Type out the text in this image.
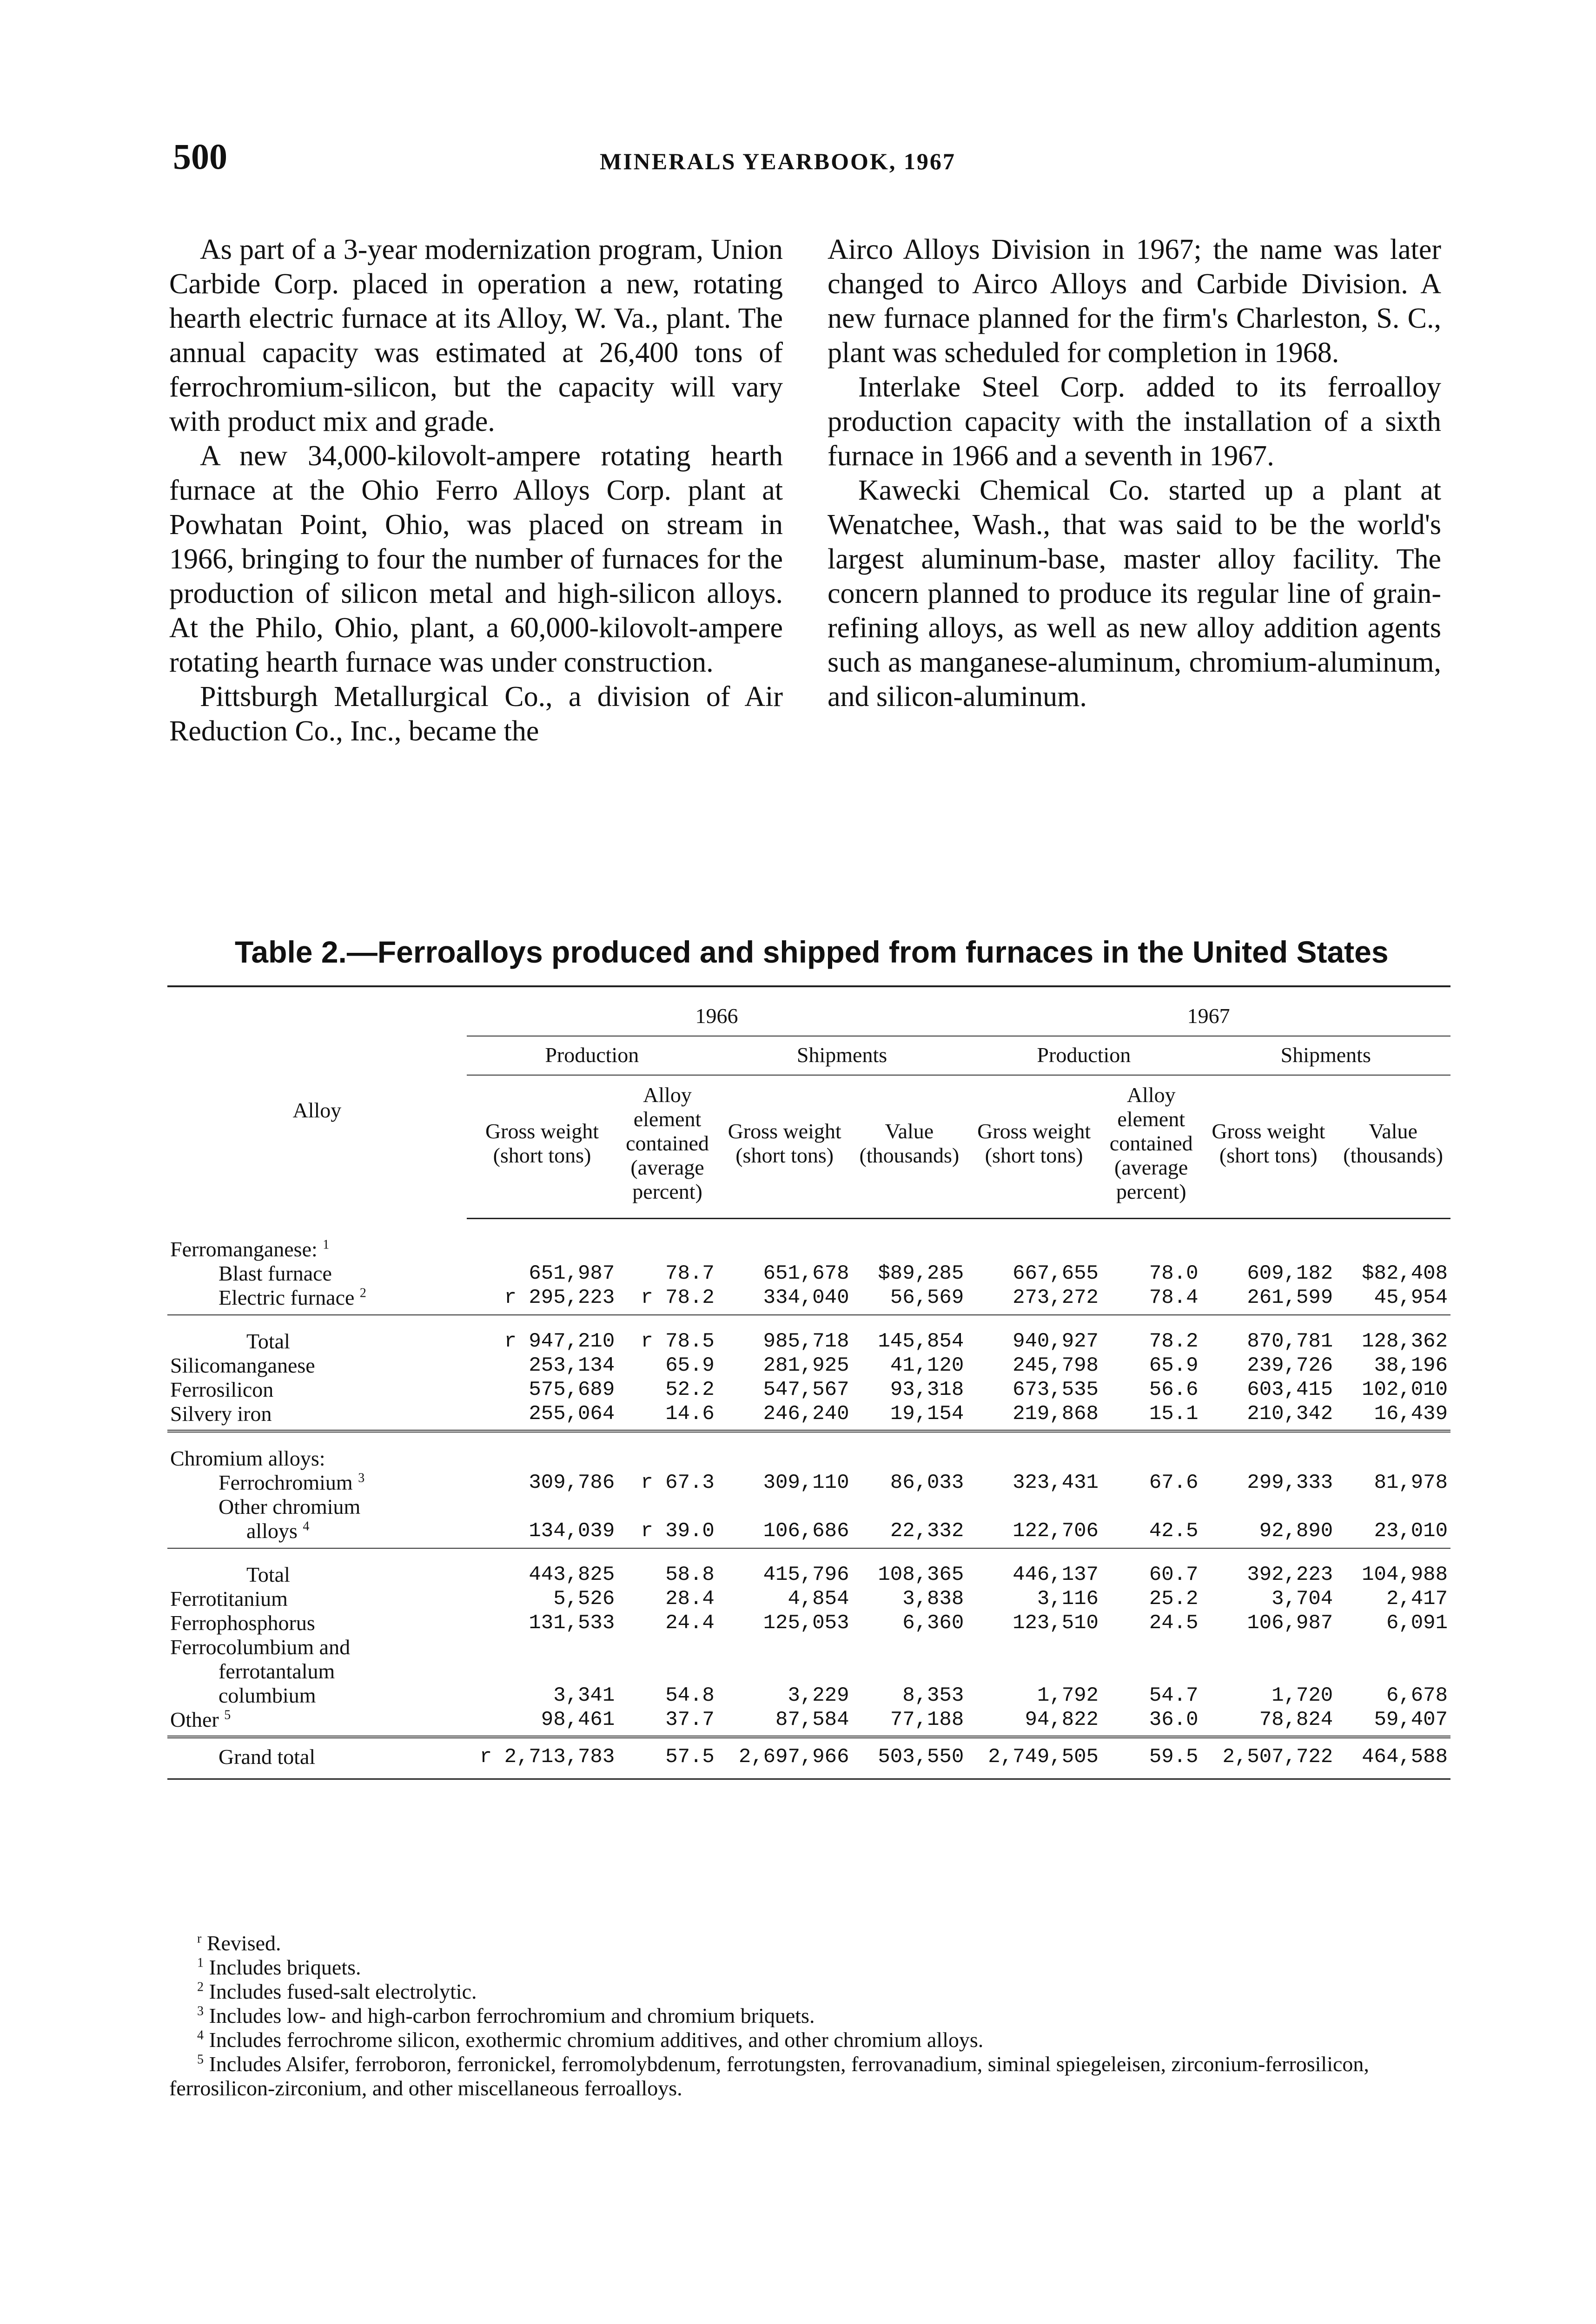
500	MINERALS YEARBOOK, 1967

As part of a 3-year modernization program, Union Carbide Corp. placed in operation a new, rotating hearth electric furnace at its Alloy, W. Va., plant. The annual capacity was estimated at 26,400 tons of ferrochromium-silicon, but the capacity will vary with product mix and grade.

A new 34,000-kilovolt-ampere rotating hearth furnace at the Ohio Ferro Alloys Corp. plant at Powhatan Point, Ohio, was placed on stream in 1966, bringing to four the number of furnaces for the production of silicon metal and high-silicon alloys. At the Philo, Ohio, plant, a 60,000-kilovolt-ampere rotating hearth furnace was under construction.

Pittsburgh Metallurgical Co., a division of Air Reduction Co., Inc., became the

Airco Alloys Division in 1967; the name was later changed to Airco Alloys and Carbide Division. A new furnace planned for the firm's Charleston, S. C., plant was scheduled for completion in 1968.

Interlake Steel Corp. added to its ferroalloy production capacity with the installation of a sixth furnace in 1966 and a seventh in 1967.

Kawecki Chemical Co. started up a plant at Wenatchee, Wash., that was said to be the world's largest aluminum-base, master alloy facility. The concern planned to produce its regular line of grain-refining alloys, as well as new alloy addition agents such as manganese-aluminum, chromium-aluminum, and silicon-aluminum.

Table 2.—Ferroalloys produced and shipped from furnaces in the United States
Alloy	1966				1967			
	Production		Shipments		Production		Shipments	
	Gross weight (short tons)	Alloy element contained (average percent)	Gross weight (short tons)	Value (thousands)	Gross weight (short tons)	Alloy element contained (average percent)	Gross weight (short tons)	Value (thousands)
Ferromanganese: $^1$								
Blast furnace	651,987	78.7	651,678	$89,285	667,655	78.0	609,182	$82,408
Electric furnace $^2$	r 295,223	r 78.2	334,040	56,569	273,272	78.4	261,599	45,954
Total	r 947,210	r 78.5	985,718	145,854	940,927	78.2	870,781	128,362
Silicomanganese	253,134	65.9	281,925	41,120	245,798	65.9	239,726	38,196
Ferrosilicon	575,689	52.2	547,567	93,318	673,535	56.6	603,415	102,010
Silvery iron	255,064	14.6	246,240	19,154	219,868	15.1	210,342	16,439
Chromium alloys:								
Ferrochromium $^3$	309,786	r 67.3	309,110	86,033	323,431	67.6	299,333	81,978
Other chromium								
alloys $^4$	134,039	r 39.0	106,686	22,332	122,706	42.5	92,890	23,010
Total	443,825	58.8	415,796	108,365	446,137	60.7	392,223	104,988
Ferrotitanium	5,526	28.4	4,854	3,838	3,116	25.2	3,704	2,417
Ferrophosphorus	131,533	24.4	125,053	6,360	123,510	24.5	106,987	6,091
Ferrocolumbium and								
ferrotantalum								
columbium	3,341	54.8	3,229	8,353	1,792	54.7	1,720	6,678
Other $^5$	98,461	37.7	87,584	77,188	94,822	36.0	78,824	59,407
Grand total	r 2,713,783	57.5	2,697,966	503,550	2,749,505	59.5	2,507,722	464,588
$^r$ Revised.
$^1$ Includes briquets.
$^2$ Includes fused-salt electrolytic.
$^3$ Includes low- and high-carbon ferrochromium and chromium briquets.
$^4$ Includes ferrochrome silicon, exothermic chromium additives, and other chromium alloys.
$^5$ Includes Alsifer, ferroboron, ferronickel, ferromolybdenum, ferrotungsten, ferrovanadium, siminal spiegeleisen, zirconium-ferrosilicon, ferrosilicon-zirconium, and other miscellaneous ferroalloys.
